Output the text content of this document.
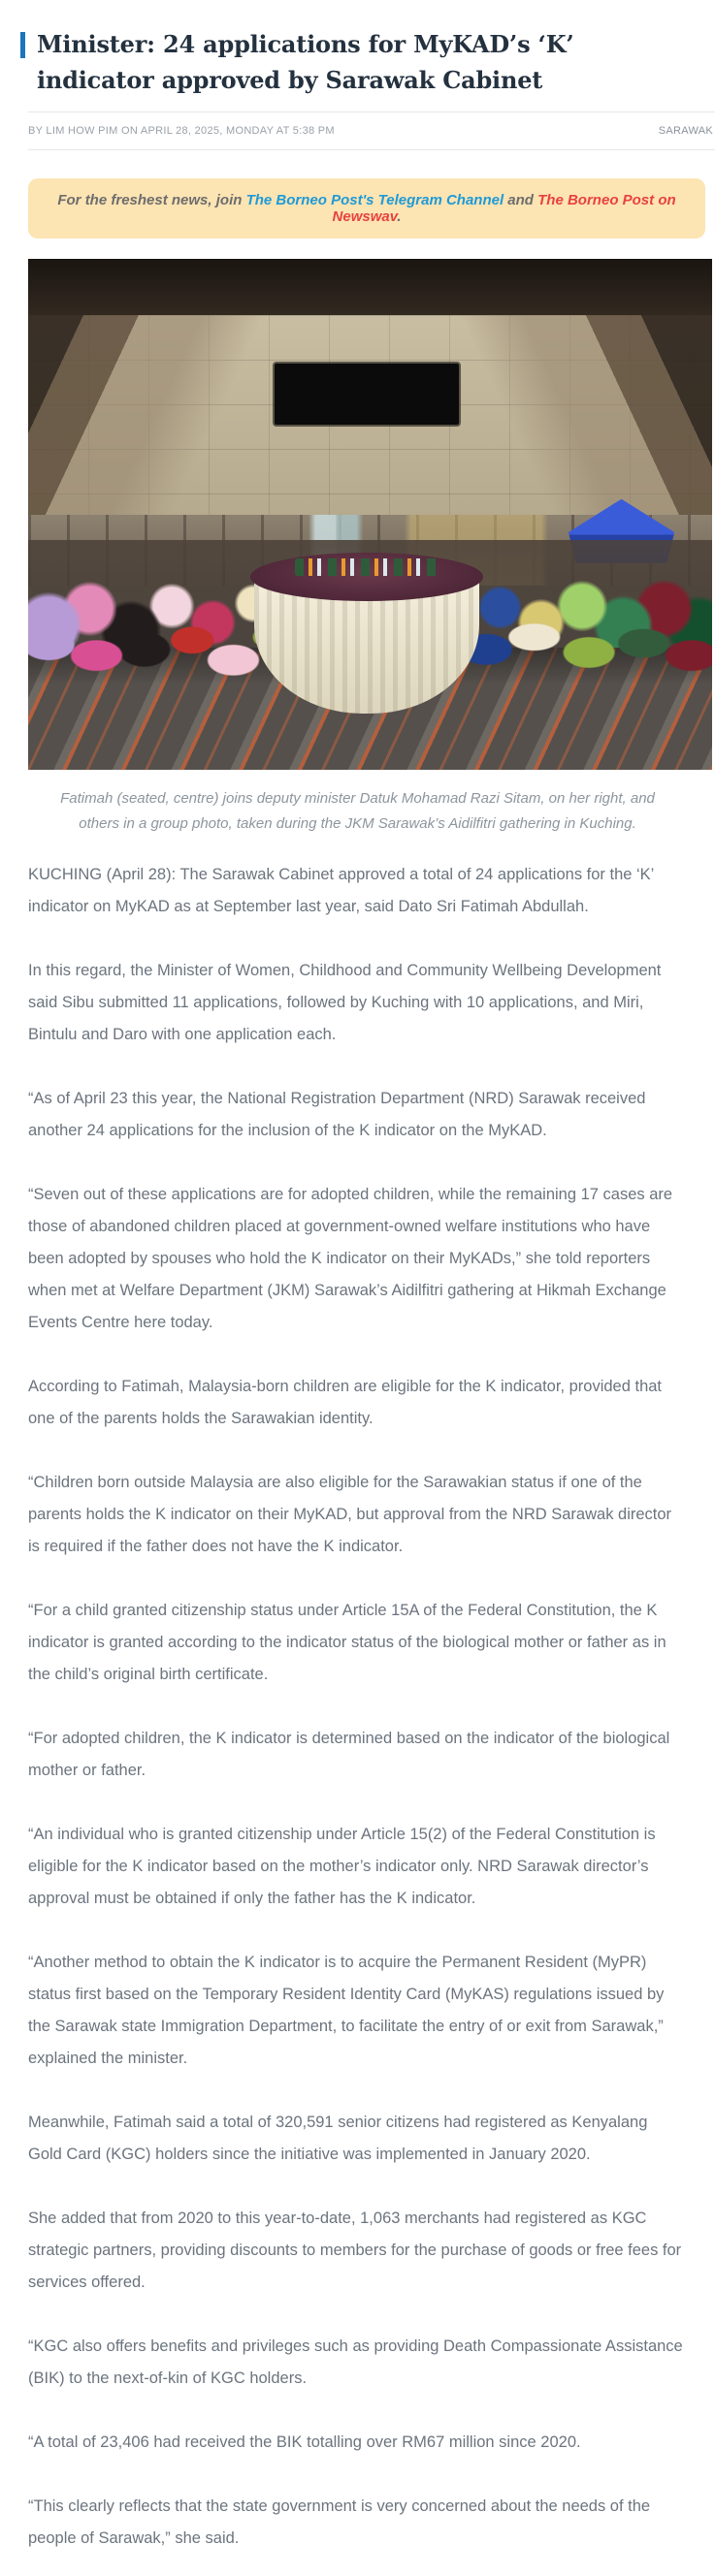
Minister: 24 applications for MyKAD’s ‘K’ indicator approved by Sarawak Cabinet
BY LIM HOW PIM ON APRIL 28, 2025, MONDAY AT 5:38 PM	SARAWAK
For the freshest news, join The Borneo Post's Telegram Channel and The Borneo Post on Newswav.
Fatimah (seated, centre) joins deputy minister Datuk Mohamad Razi Sitam, on her right, and others in a group photo, taken during the JKM Sarawak’s Aidilfitri gathering in Kuching.

KUCHING (April 28): The Sarawak Cabinet approved a total of 24 applications for the ‘K’ indicator on MyKAD as at September last year, said Dato Sri Fatimah Abdullah.

In this regard, the Minister of Women, Childhood and Community Wellbeing Development said Sibu submitted 11 applications, followed by Kuching with 10 applications, and Miri, Bintulu and Daro with one application each.

“As of April 23 this year, the National Registration Department (NRD) Sarawak received another 24 applications for the inclusion of the K indicator on the MyKAD.

“Seven out of these applications are for adopted children, while the remaining 17 cases are those of abandoned children placed at government-owned welfare institutions who have been adopted by spouses who hold the K indicator on their MyKADs,” she told reporters when met at Welfare Department (JKM) Sarawak’s Aidilfitri gathering at Hikmah Exchange Events Centre here today.

According to Fatimah, Malaysia-born children are eligible for the K indicator, provided that one of the parents holds the Sarawakian identity.

“Children born outside Malaysia are also eligible for the Sarawakian status if one of the parents holds the K indicator on their MyKAD, but approval from the NRD Sarawak director is required if the father does not have the K indicator.

“For a child granted citizenship status under Article 15A of the Federal Constitution, the K indicator is granted according to the indicator status of the biological mother or father as in the child’s original birth certificate.

“For adopted children, the K indicator is determined based on the indicator of the biological mother or father.

“An individual who is granted citizenship under Article 15(2) of the Federal Constitution is eligible for the K indicator based on the mother’s indicator only. NRD Sarawak director’s approval must be obtained if only the father has the K indicator.

“Another method to obtain the K indicator is to acquire the Permanent Resident (MyPR) status first based on the Temporary Resident Identity Card (MyKAS) regulations issued by the Sarawak state Immigration Department, to facilitate the entry of or exit from Sarawak,” explained the minister.

Meanwhile, Fatimah said a total of 320,591 senior citizens had registered as Kenyalang Gold Card (KGC) holders since the initiative was implemented in January 2020.

She added that from 2020 to this year-to-date, 1,063 merchants had registered as KGC strategic partners, providing discounts to members for the purchase of goods or free fees for services offered.

“KGC also offers benefits and privileges such as providing Death Compassionate Assistance (BIK) to the next-of-kin of KGC holders.

“A total of 23,406 had received the BIK totalling over RM67 million since 2020.

“This clearly reflects that the state government is very concerned about the needs of the people of Sarawak,” she said.
